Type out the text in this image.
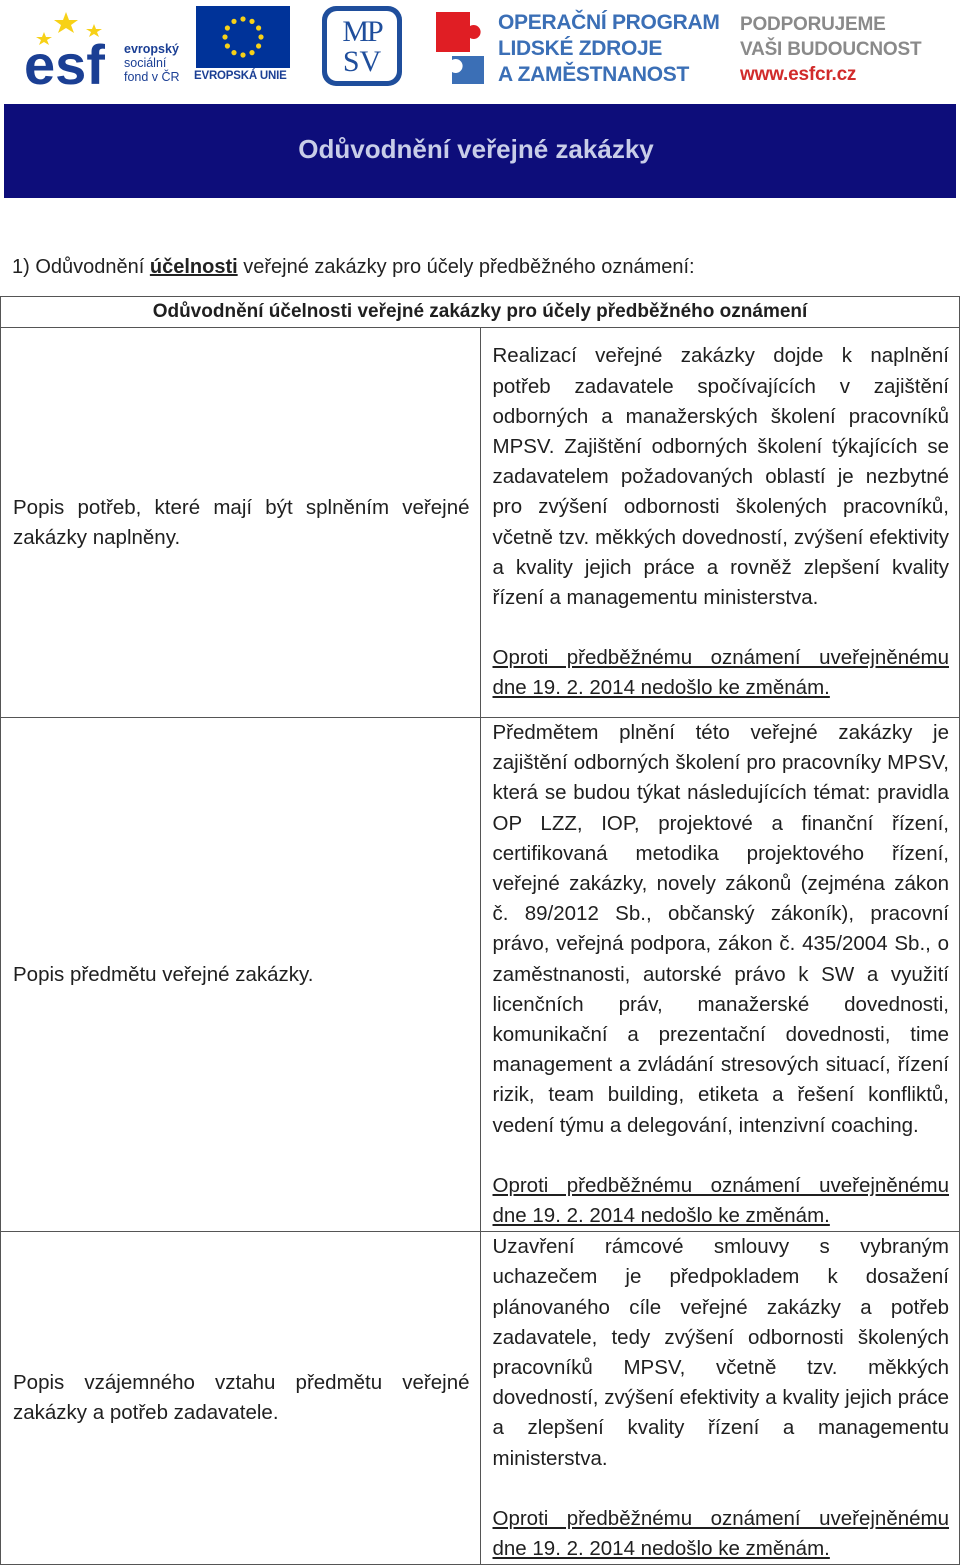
esf evropský
sociální
fond v ČR EVROPSKÁ UNIE
MP
SV
OPERAČNÍ PROGRAM
LIDSKÉ ZDROJE
A ZAMĚSTNANOST
PODPORUJEME
VAŠI BUDOUCNOST
www.esfcr.cz
Odůvodnění veřejné zakázky
1) Odůvodnění účelnosti veřejné zakázky pro účely předběžného oznámení:
Odůvodnění účelnosti veřejné zakázky pro účely předběžného oznámení	
Popis potřeb, které mají být splněním veřejné zakázky naplněny.	Realizací veřejné zakázky dojde k naplnění potřeb zadavatele spočívajících v zajištění odborných a manažerských školení pracovníků MPSV. Zajištění odborných školení týkajících se zadavatelem požadovaných oblastí je nezbytné pro zvýšení odbornosti školených pracovníků, včetně tzv. měkkých dovedností, zvýšení efektivity a kvality jejich práce a rovněž zlepšení kvality řízení a managementu ministerstva.

Oproti předběžnému oznámení uveřejněnému dne 19. 2. 2014 nedošlo ke změnám.

Popis předmětu veřejné zakázky.	Předmětem plnění této veřejné zakázky je zajištění odborných školení pro pracovníky MPSV, která se budou týkat následujících témat: pravidla OP LZZ, IOP, projektové a finanční řízení, certifikovaná metodika projektového řízení, veřejné zakázky, novely zákonů (zejména zákon č. 89/2012 Sb., občanský zákoník), pracovní právo, veřejná podpora, zákon č. 435/2004 Sb., o zaměstnanosti, autorské právo k SW a využití licenčních práv, manažerské dovednosti, komunikační a prezentační dovednosti, time management a zvládání stresových situací, řízení rizik, team building, etiketa a řešení konfliktů, vedení týmu a delegování, intenzivní coaching.

Oproti předběžnému oznámení uveřejněnému dne 19. 2. 2014 nedošlo ke změnám.

Popis vzájemného vztahu předmětu veřejné zakázky a potřeb zadavatele.	Uzavření rámcové smlouvy s vybraným uchazečem je předpokladem k dosažení plánovaného cíle veřejné zakázky a potřeb zadavatele, tedy zvýšení odbornosti školených pracovníků MPSV, včetně tzv. měkkých dovedností, zvýšení efektivity a kvality jejich práce a zlepšení kvality řízení a managementu ministerstva.

Oproti předběžnému oznámení uveřejněnému dne 19. 2. 2014 nedošlo ke změnám.
